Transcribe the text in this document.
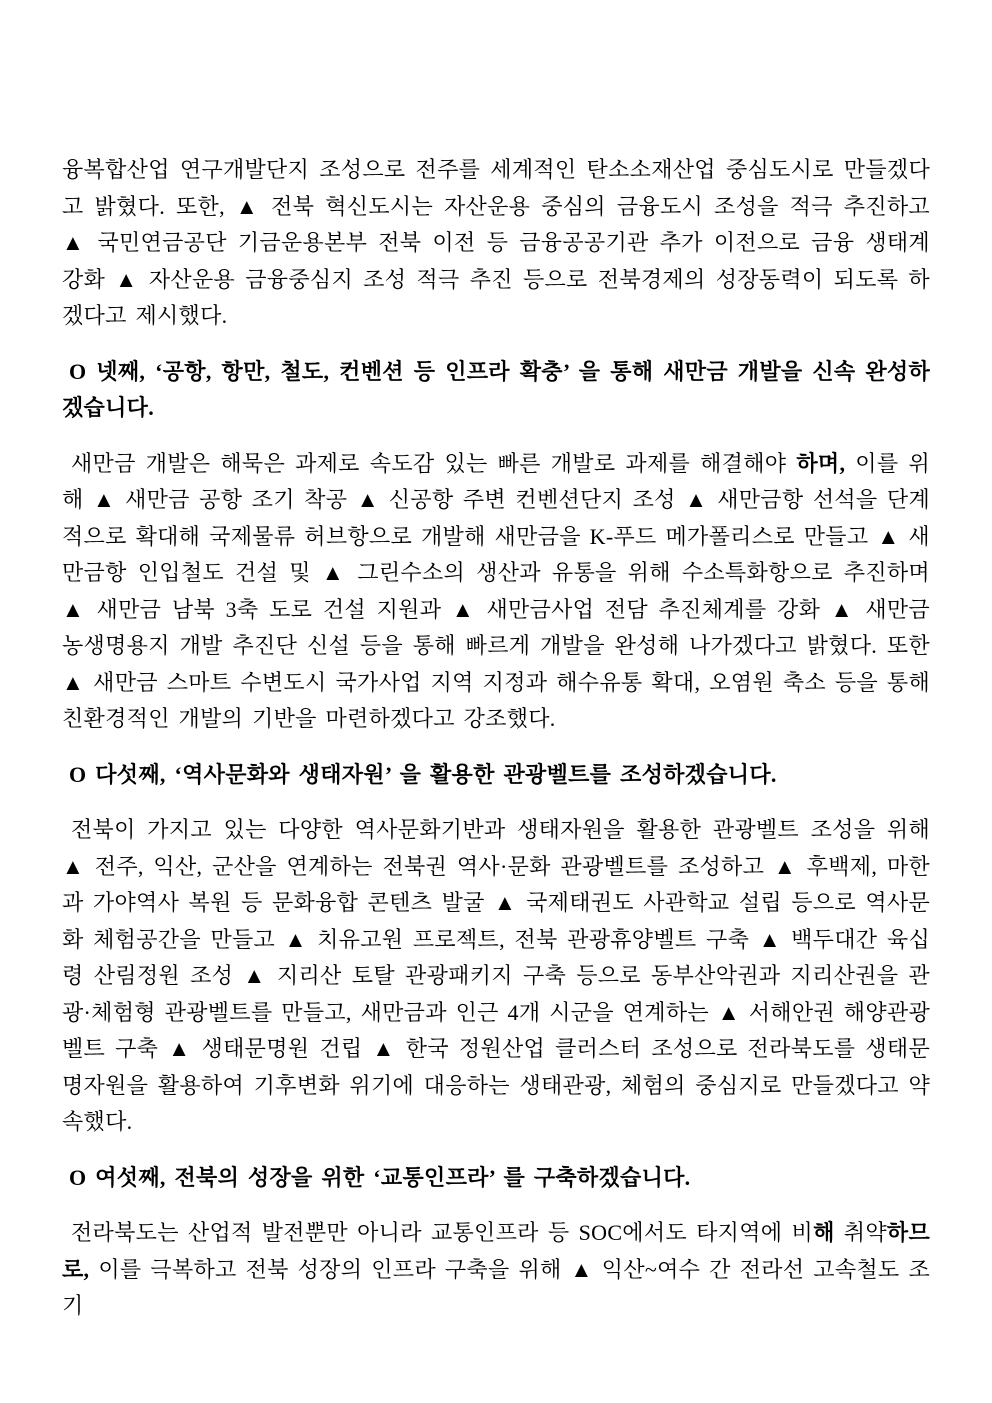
융복합산업 연구개발단지 조성으로 전주를 세계적인 탄소소재산업 중심도시로 만들겠다고 밝혔다. 또한, ▲ 전북 혁신도시는 자산운용 중심의 금융도시 조성을 적극 추진하고 ▲ 국민연금공단 기금운용본부 전북 이전 등 금융공공기관 추가 이전으로 금융 생태계 강화 ▲ 자산운용 금융중심지 조성 적극 추진 등으로 전북경제의 성장동력이 되도록 하겠다고 제시했다.
O 넷째, ‘공항, 항만, 철도, 컨벤션 등 인프라 확충’ 을 통해 새만금 개발을 신속 완성하겠습니다.
새만금 개발은 해묵은 과제로 속도감 있는 빠른 개발로 과제를 해결해야 하며, 이를 위해 ▲ 새만금 공항 조기 착공 ▲ 신공항 주변 컨벤션단지 조성 ▲ 새만금항 선석을 단계적으로 확대해 국제물류 허브항으로 개발해 새만금을 K-푸드 메가폴리스로 만들고 ▲ 새만금항 인입철도 건설 및 ▲ 그린수소의 생산과 유통을 위해 수소특화항으로 추진하며 ▲ 새만금 남북 3축 도로 건설 지원과 ▲ 새만금사업 전담 추진체계를 강화 ▲ 새만금 농생명용지 개발 추진단 신설 등을 통해 빠르게 개발을 완성해 나가겠다고 밝혔다. 또한 ▲ 새만금 스마트 수변도시 국가사업 지역 지정과 해수유통 확대, 오염원 축소 등을 통해 친환경적인 개발의 기반을 마련하겠다고 강조했다.
O 다섯째, ‘역사문화와 생태자원’ 을 활용한 관광벨트를 조성하겠습니다.
전북이 가지고 있는 다양한 역사문화기반과 생태자원을 활용한 관광벨트 조성을 위해 ▲ 전주, 익산, 군산을 연계하는 전북권 역사·문화 관광벨트를 조성하고 ▲ 후백제, 마한과 가야역사 복원 등 문화융합 콘텐츠 발굴 ▲ 국제태권도 사관학교 설립 등으로 역사문화 체험공간을 만들고 ▲ 치유고원 프로젝트, 전북 관광휴양벨트 구축 ▲ 백두대간 육십령 산림정원 조성 ▲ 지리산 토탈 관광패키지 구축 등으로 동부산악권과 지리산권을 관광·체험형 관광벨트를 만들고, 새만금과 인근 4개 시군을 연계하는 ▲ 서해안권 해양관광벨트 구축 ▲ 생태문명원 건립 ▲ 한국 정원산업 클러스터 조성으로 전라북도를 생태문명자원을 활용하여 기후변화 위기에 대응하는 생태관광, 체험의 중심지로 만들겠다고 약속했다.
O 여섯째, 전북의 성장을 위한 ‘교통인프라’ 를 구축하겠습니다.
전라북도는 산업적 발전뿐만 아니라 교통인프라 등 SOC에서도 타지역에 비해 취약하므로, 이를 극복하고 전북 성장의 인프라 구축을 위해 ▲ 익산~여수 간 전라선 고속철도 조기
